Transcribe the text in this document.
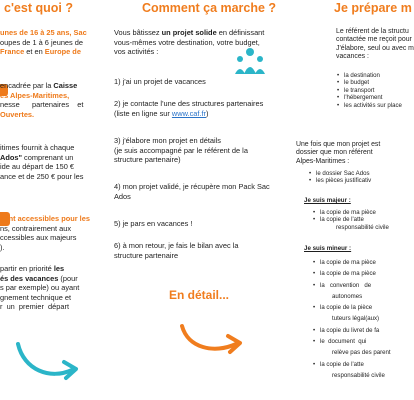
c'est quoi ?

unes de 16 à 25 ans, Sac
oupes de 1 à 6 jeunes de
France et en Europe de

encadrée par la Caisse
es Alpes-Maritimes,
nesse      partenaires    et
Ouvertes.

itimes fournit à chaque
Ados" comprenant un
ide au départ de 150 €
ance et de 250 € pour les

sont accessibles pour les
ns, contrairement aux
ccessibles aux majeurs
).

partir en priorité les
és des vacances (pour
s par exemple) ou ayant
gnement technique et
r  un  premier  départ

Comment ça marche ?

Vous bâtissez un projet solide en définissant
vous-mêmes votre destination, votre budget,
vos activités :

1) j'ai un projet de vacances

2) je contacte l'une des structures partenaires
(liste en ligne sur www.caf.fr)

3) j'élabore mon projet en détails
(je suis accompagné par le référent de la
structure partenaire)

4) mon projet validé, je récupère mon Pack Sac
Ados

5) je pars en vacances !

6) à mon retour, je fais le bilan avec la
structure partenaire

En détail...

Je prépare m

Le référent de la structu
contactée me reçoit pour
J'élabore, seul ou avec m
vacances :

• la destination
• le budget
• le transport
• l'hébergement
• les activités sur place

Une fois que mon projet est
dossier que mon référent
Alpes-Maritimes :

• le dossier Sac Ados
• les pièces justificativ

Je suis majeur :

• la copie de ma pièce
• la copie de l'atte
responsabilité civile

Je suis mineur :

• la copie de ma pièce
• la copie de ma pièce
• la   convention   de
autonomes
• la copie de la pièce
tuteurs légal(aux)
• la copie du livret de fa
• le  document  qui
relève pas des parent
• la copie de l'atte
responsabilité civile
